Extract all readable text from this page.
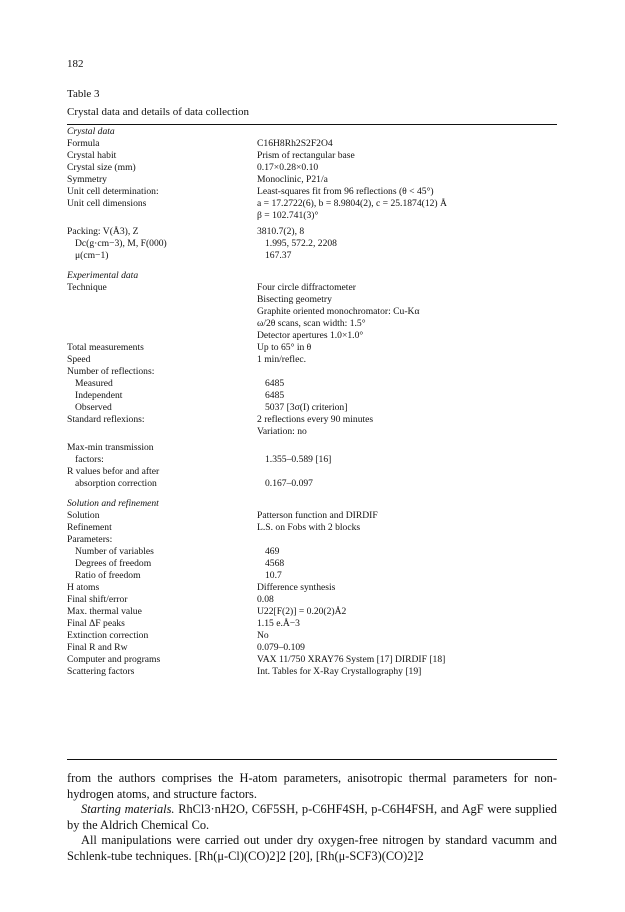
182
Table 3
Crystal data and details of data collection
Crystal data
Formula	C16H8Rh2S2F2O4
Crystal habit	Prism of rectangular base
Crystal size (mm)	0.17×0.28×0.10
Symmetry	Monoclinic, P21/a
Unit cell determination:	Least-squares fit from 96 reflections (θ < 45°)
Unit cell dimensions	a = 17.2722(6), b = 8.9804(2), c = 25.1874(12) Å
β = 102.741(3)°
Packing: V(Å3), Z	3810.7(2), 8
Dc(g·cm−3), M, F(000)	1.995, 572.2, 2208
μ(cm−1)	167.37
Experimental data
Technique	Four circle diffractometer
Bisecting geometry
Graphite oriented monochromator: Cu-Kα
ω/2θ scans, scan width: 1.5°
Detector apertures 1.0×1.0°
Total measurements	Up to 65° in θ
Speed	1 min/reflec.
Number of reflections:
Measured	6485
Independent	6485
Observed	5037 [3σ(I) criterion]
Standard reflexions:	2 reflections every 90 minutes
Variation: no
Max-min transmission
factors:	1.355–0.589 [16]
R values befor and after
absorption correction	0.167–0.097
Solution and refinement
Solution	Patterson function and DIRDIF
Refinement	L.S. on Fobs with 2 blocks
Parameters:
Number of variables	469
Degrees of freedom	4568
Ratio of freedom	10.7
H atoms	Difference synthesis
Final shift/error	0.08
Max. thermal value	U22[F(2)] = 0.20(2)Å2
Final ΔF peaks	1.15 e.Å−3
Extinction correction	No
Final R and Rw	0.079–0.109
Computer and programs	VAX 11/750 XRAY76 System [17] DIRDIF [18]
Scattering factors	Int. Tables for X-Ray Crystallography [19]

from the authors comprises the H-atom parameters, anisotropic thermal parameters for non-hydrogen atoms, and structure factors.

Starting materials. RhCl3·nH2O, C6F5SH, p-C6HF4SH, p-C6H4FSH, and AgF were supplied by the Aldrich Chemical Co.

All manipulations were carried out under dry oxygen-free nitrogen by standard vacumm and Schlenk-tube techniques. [Rh(μ-Cl)(CO)2]2 [20], [Rh(μ-SCF3)(CO)2]2
